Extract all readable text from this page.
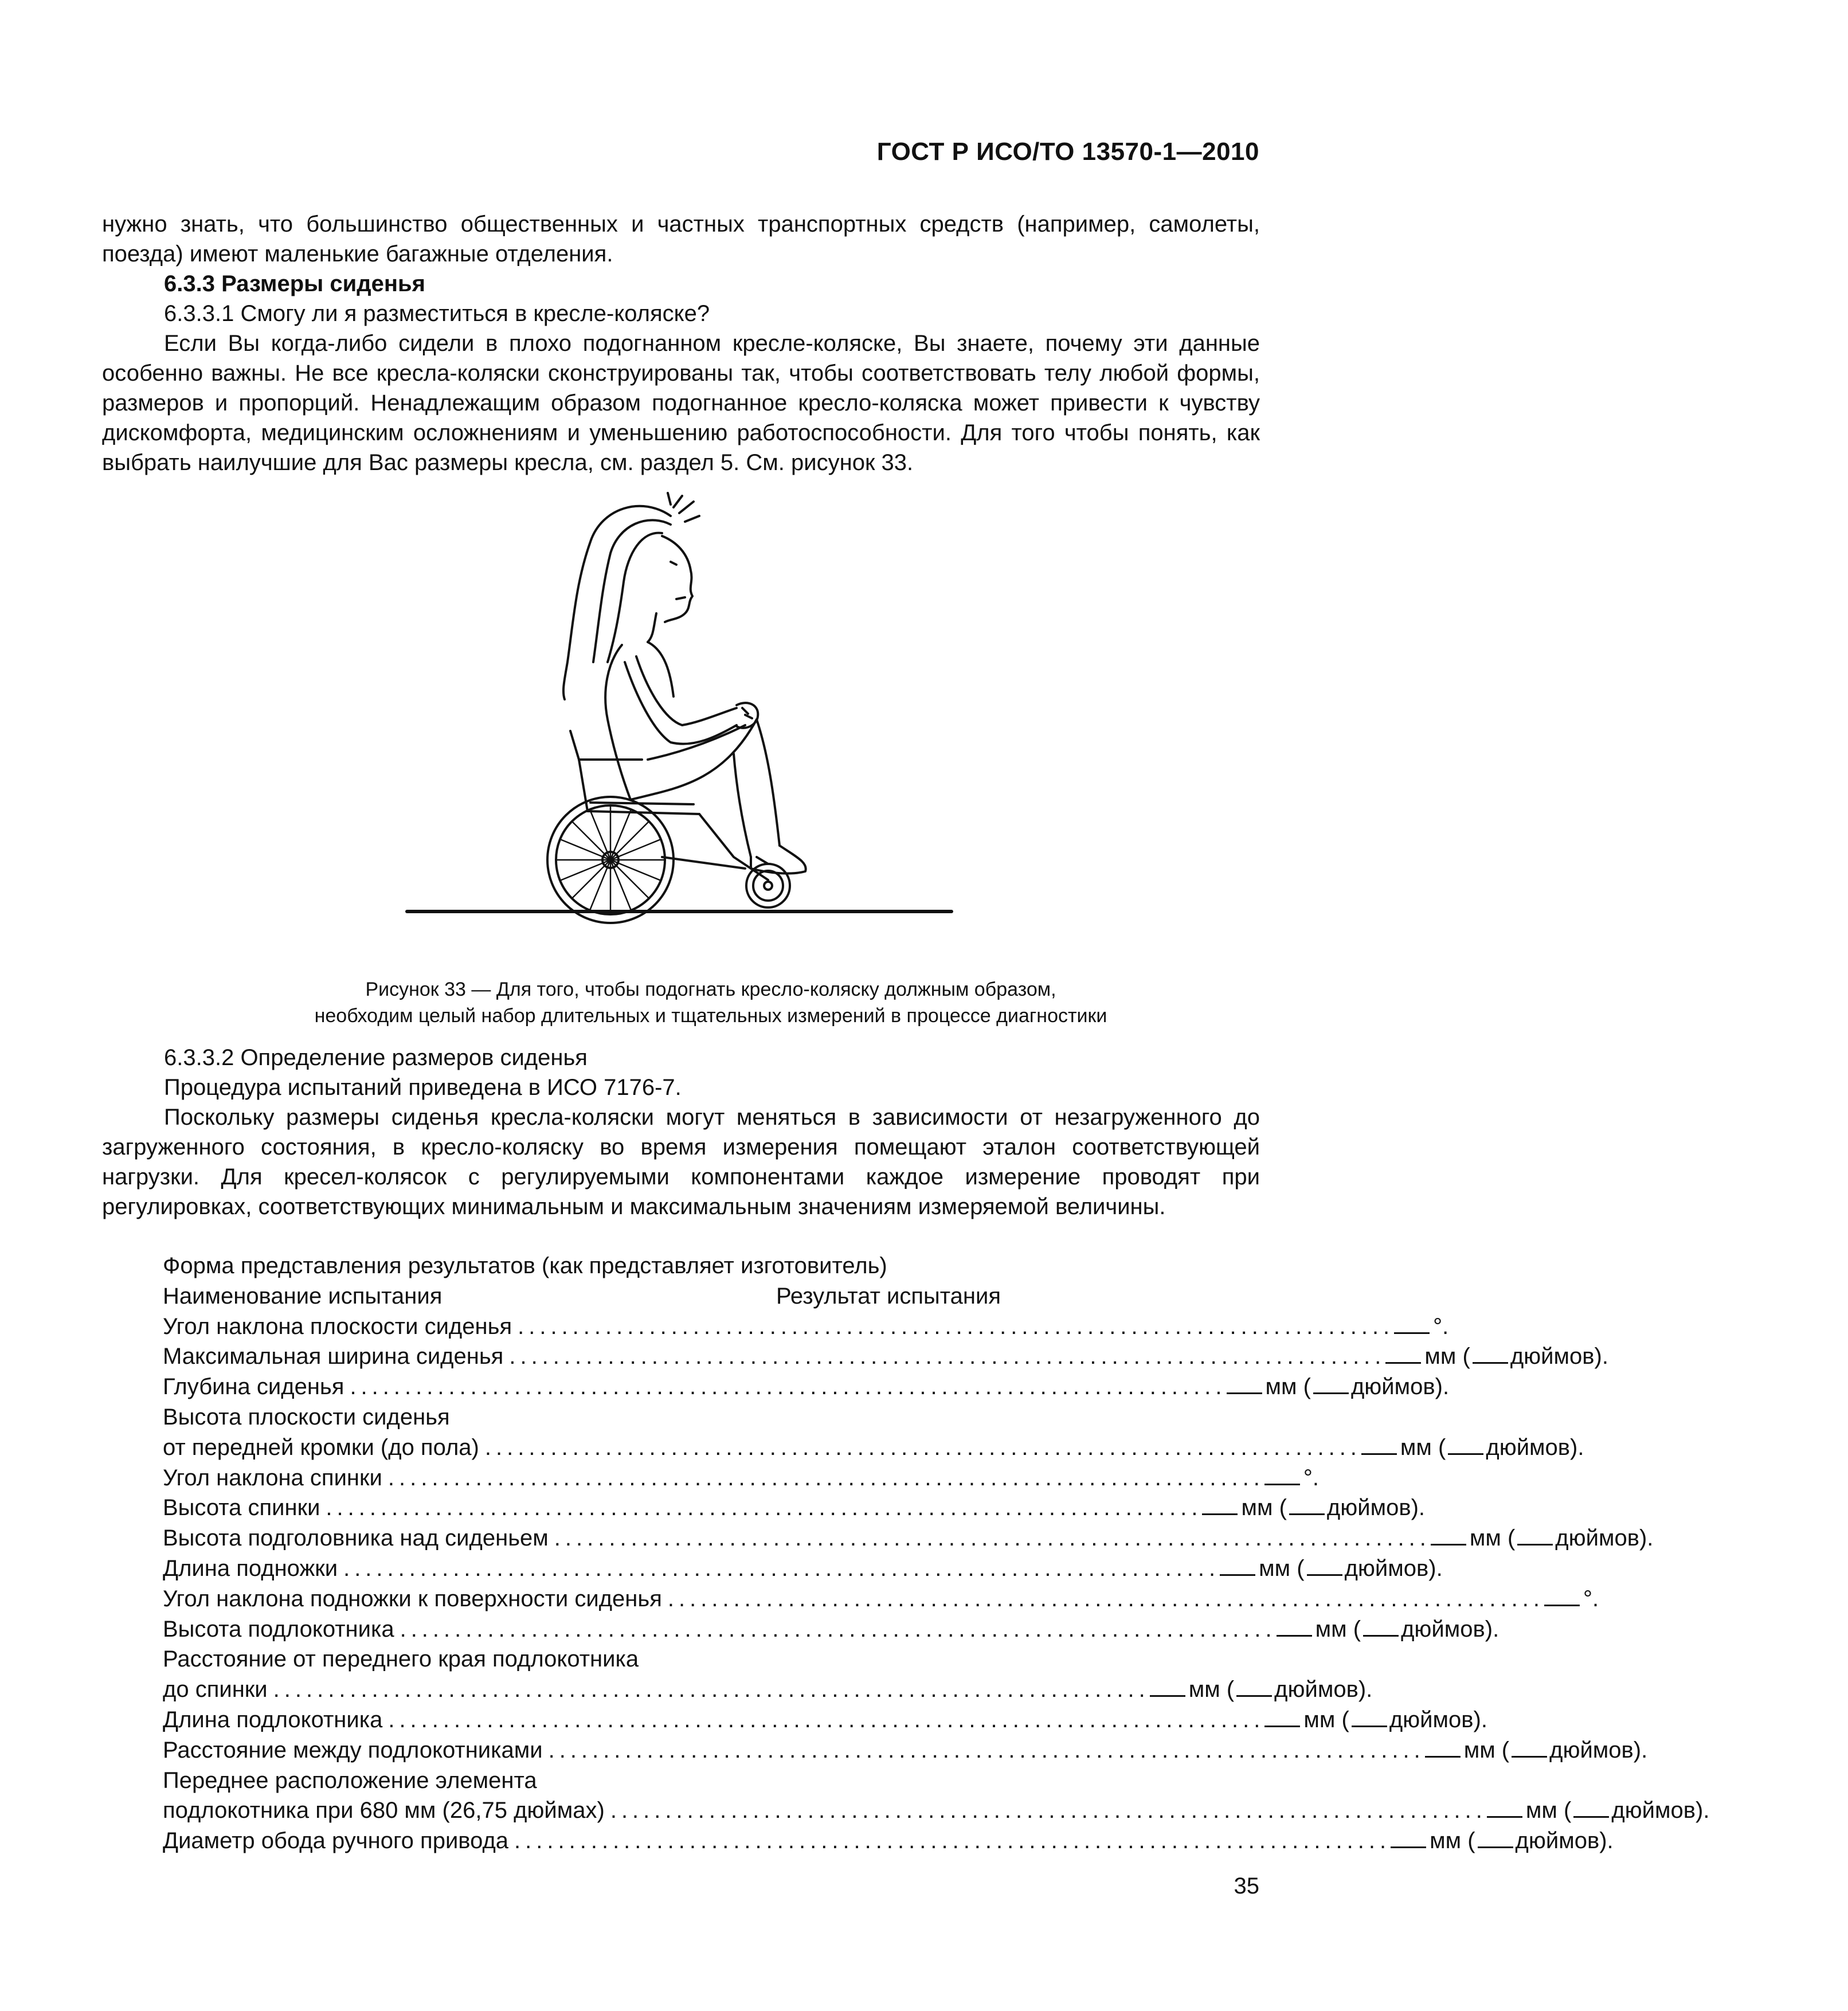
ГОСТ Р ИСО/ТО 13570-1—2010

нужно знать, что большинство общественных и частных транспортных средств (например, самолеты, поезда) имеют маленькие багажные отделения.

6.3.3 Размеры сиденья

6.3.3.1 Смогу ли я разместиться в кресле-коляске?

Если Вы когда-либо сидели в плохо подогнанном кресле-коляске, Вы знаете, почему эти данные особенно важны. Не все кресла-коляски сконструированы так, чтобы соответствовать телу любой формы, размеров и пропорций. Ненадлежащим образом подогнанное кресло-коляска может привести к чувству дискомфорта, медицинским осложнениям и уменьшению работоспособности. Для того чтобы понять, как выбрать наилучшие для Вас размеры кресла, см. раздел 5. См. рисунок 33.

Рисунок 33 — Для того, чтобы подогнать кресло-коляску должным образом,
необходим целый набор длительных и тщательных измерений в процессе диагностики

6.3.3.2 Определение размеров сиденья

Процедура испытаний приведена в ИСО 7176-7.

Поскольку размеры сиденья кресла-коляски могут меняться в зависимости от незагруженного до загруженного состояния, в кресло-коляску во время измерения помещают эталон соответствующей нагрузки. Для кресел-колясок с регулируемыми компонентами каждое измерение проводят при регулировках, соответствующих минимальным и максимальным значениям измеряемой величины.

Форма представления результатов (как представляет изготовитель)
Наименование испытания	Результат испытания
Угол наклона плоскости сиденья ................................................................................	°.
Максимальная ширина сиденья ................................................................................	мм ( дюймов).
Глубина сиденья ................................................................................	мм ( дюймов).
Высота плоскости сиденья
от передней кромки (до пола) ................................................................................	мм ( дюймов).
Угол наклона спинки ................................................................................	°.
Высота спинки ................................................................................	мм ( дюймов).
Высота подголовника над сиденьем ................................................................................	мм ( дюймов).
Длина подножки ................................................................................	мм ( дюймов).
Угол наклона подножки к поверхности сиденья ................................................................................	°.
Высота подлокотника ................................................................................	мм ( дюймов).
Расстояние от переднего края подлокотника
до спинки ................................................................................	мм ( дюймов).
Длина подлокотника ................................................................................	мм ( дюймов).
Расстояние между подлокотниками ................................................................................	мм ( дюймов).
Переднее расположение элемента
подлокотника при 680 мм (26,75 дюймах) ................................................................................	мм ( дюймов).
Диаметр обода ручного привода ................................................................................	мм ( дюймов).
35
